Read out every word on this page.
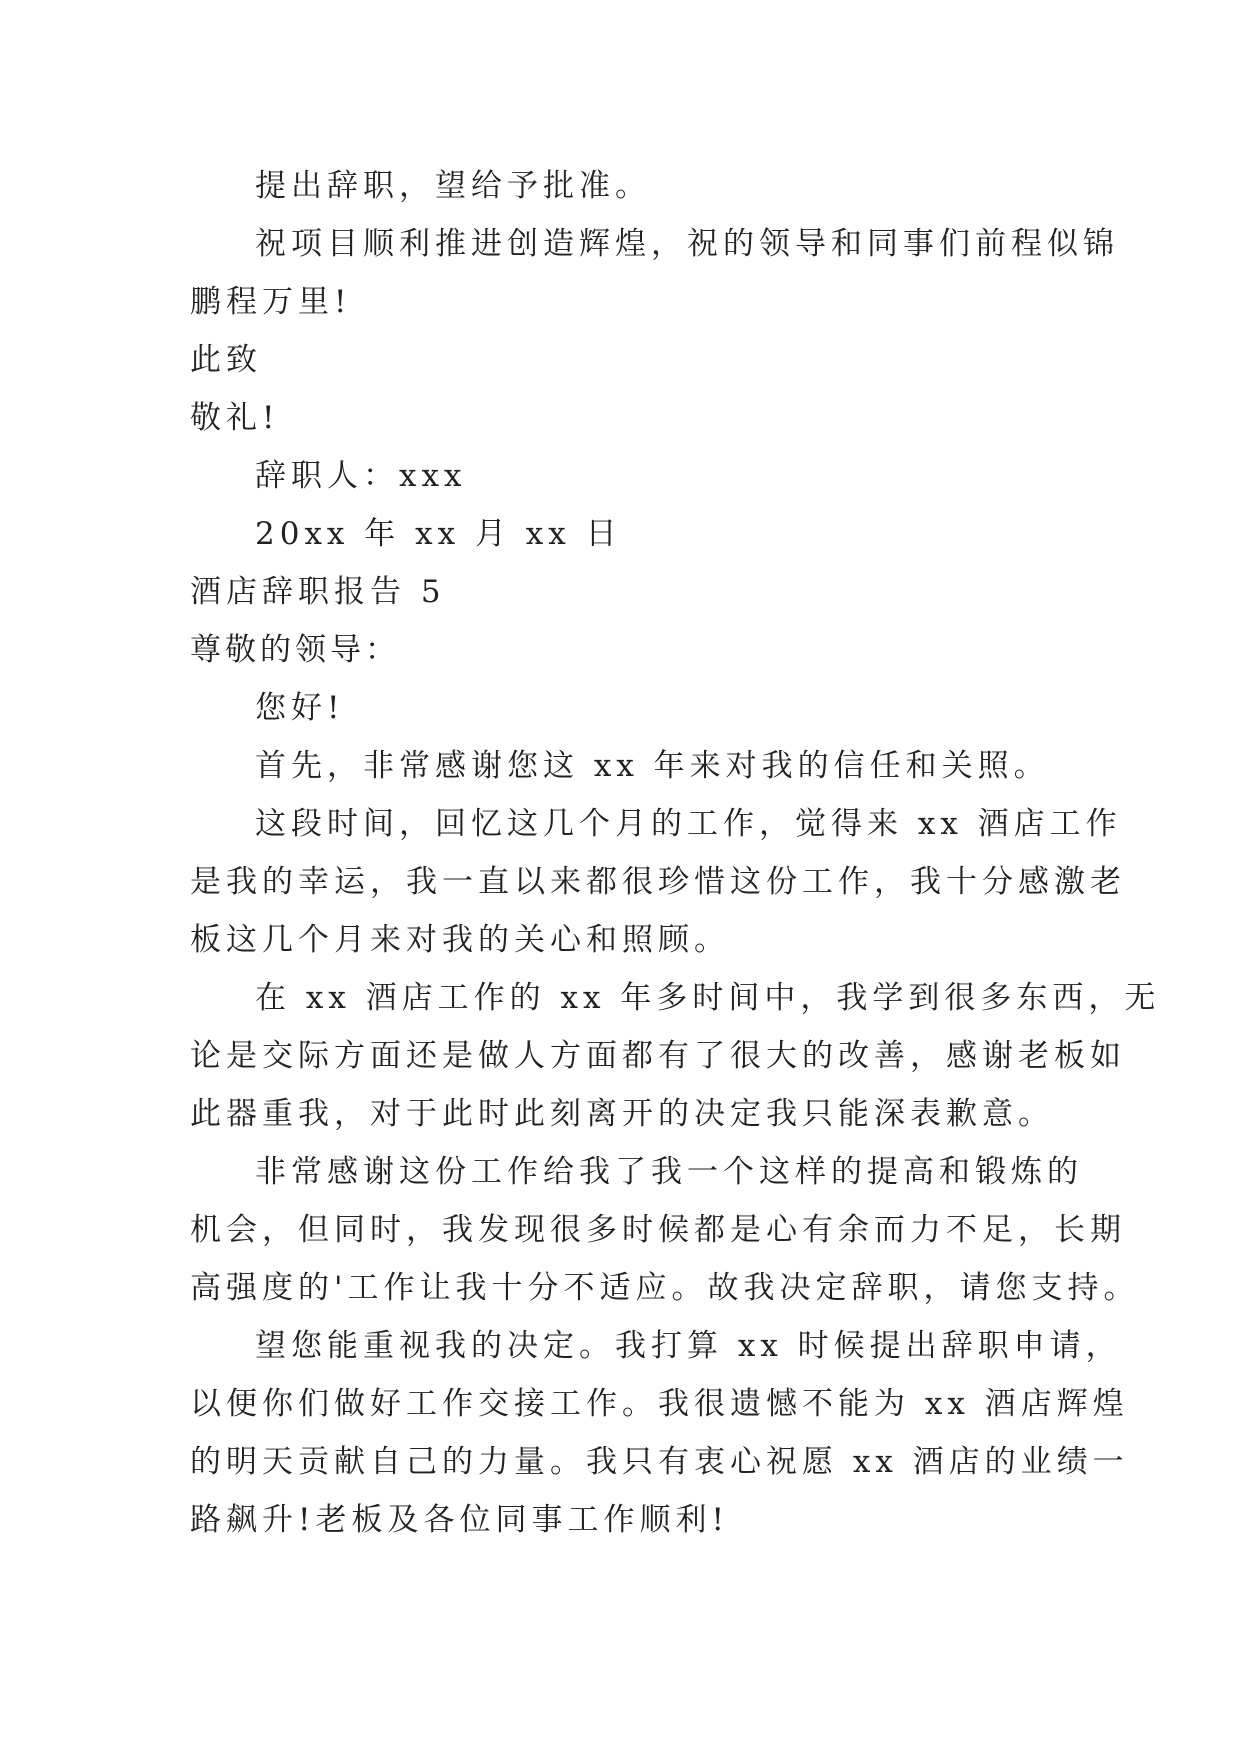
提出辞职，望给予批准。
祝项目顺利推进创造辉煌，祝的领导和同事们前程似锦
鹏程万里!
此致
敬礼!
辞职人：xxx
20xx 年 xx 月 xx 日
酒店辞职报告 5
尊敬的领导：
您好!
首先，非常感谢您这 xx 年来对我的信任和关照。
这段时间，回忆这几个月的工作，觉得来 xx 酒店工作
是我的幸运，我一直以来都很珍惜这份工作，我十分感激老
板这几个月来对我的关心和照顾。
在 xx 酒店工作的 xx 年多时间中，我学到很多东西，无
论是交际方面还是做人方面都有了很大的改善，感谢老板如
此器重我，对于此时此刻离开的决定我只能深表歉意。
非常感谢这份工作给我了我一个这样的提高和锻炼的
机会，但同时，我发现很多时候都是心有余而力不足，长期
高强度的'工作让我十分不适应。故我决定辞职，请您支持。
望您能重视我的决定。我打算 xx 时候提出辞职申请，
以便你们做好工作交接工作。我很遗憾不能为 xx 酒店辉煌
的明天贡献自己的力量。我只有衷心祝愿 xx 酒店的业绩一
路飙升!老板及各位同事工作顺利!
